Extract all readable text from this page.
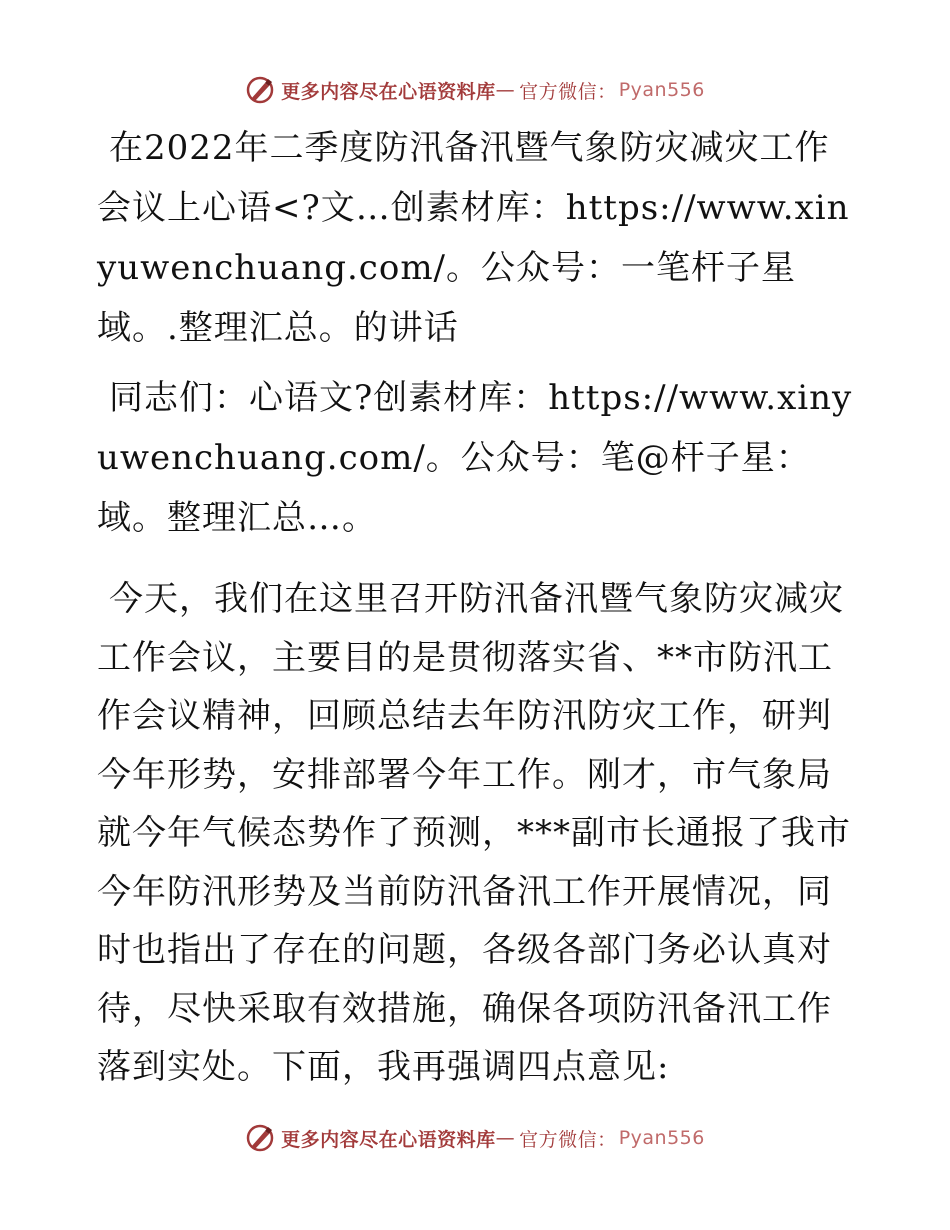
更多内容尽在心语资料库 — 官方微信： Pyan556

在2022年二季度防汛备汛暨气象防灾减灾工作会议上心语<?文…创素材库：https://www.xinyuwenchuang.com/。公众号：一笔杆子星域。.整理汇总。的讲话

同志们：心语文?创素材库：https://www.xinyuwenchuang.com/。公众号：笔@杆子星：域。整理汇总…。

今天，我们在这里召开防汛备汛暨气象防灾减灾工作会议，主要目的是贯彻落实省、**市防汛工作会议精神，回顾总结去年防汛防灾工作，研判今年形势，安排部署今年工作。刚才，市气象局就今年气候态势作了预测，***副市长通报了我市今年防汛形势及当前防汛备汛工作开展情况，同时也指出了存在的问题，各级各部门务必认真对待，尽快采取有效措施，确保各项防汛备汛工作落到实处。下面，我再强调四点意见:

更多内容尽在心语资料库 — 官方微信： Pyan556
